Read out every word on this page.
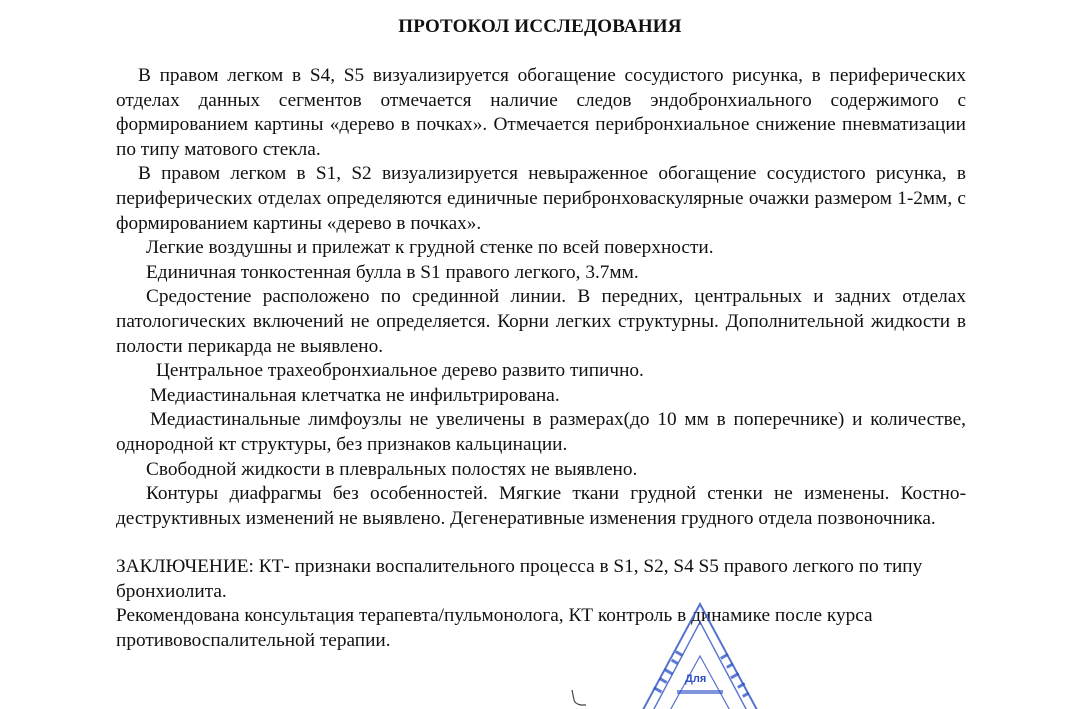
ПРОТОКОЛ ИССЛЕДОВАНИЯ

В правом легком в S4, S5 визуализируется обогащение сосудистого рисунка, в периферических отделах данных сегментов отмечается наличие следов эндобронхиального содержимого с формированием картины «дерево в почках». Отмечается перибронхиальное снижение пневматизации по типу матового стекла.

В правом легком в S1, S2 визуализируется невыраженное обогащение сосудистого рисунка, в периферических отделах определяются единичные перибронховаскулярные очажки размером 1-2мм, с формированием картины «дерево в почках».

Легкие воздушны и прилежат к грудной стенке по всей поверхности.

Единичная тонкостенная булла в S1 правого легкого, 3.7мм.

Средостение расположено по срединной линии. В передних, центральных и задних отделах патологических включений не определяется. Корни легких структурны. Дополнительной жидкости в полости перикарда не выявлено.

Центральное трахеобронхиальное дерево развито типично.

Медиастинальная клетчатка не инфильтрирована.

Медиастинальные лимфоузлы не увеличены в размерах(до 10 мм в поперечнике) и количестве, однородной кт структуры, без признаков кальцинации.

Свободной жидкости в плевральных полостях не выявлено.

Контуры диафрагмы без особенностей. Мягкие ткани грудной стенки не изменены. Костно-деструктивных изменений не выявлено. Дегенеративные изменения грудного отдела позвоночника.

ЗАКЛЮЧЕНИЕ: КТ- признаки воспалительного процесса в S1, S2, S4 S5 правого легкого по типу бронхиолита.

Рекомендована консультация терапевта/пульмонолога, КТ контроль в динамике после курса противовоспалительной терапии.

Для
